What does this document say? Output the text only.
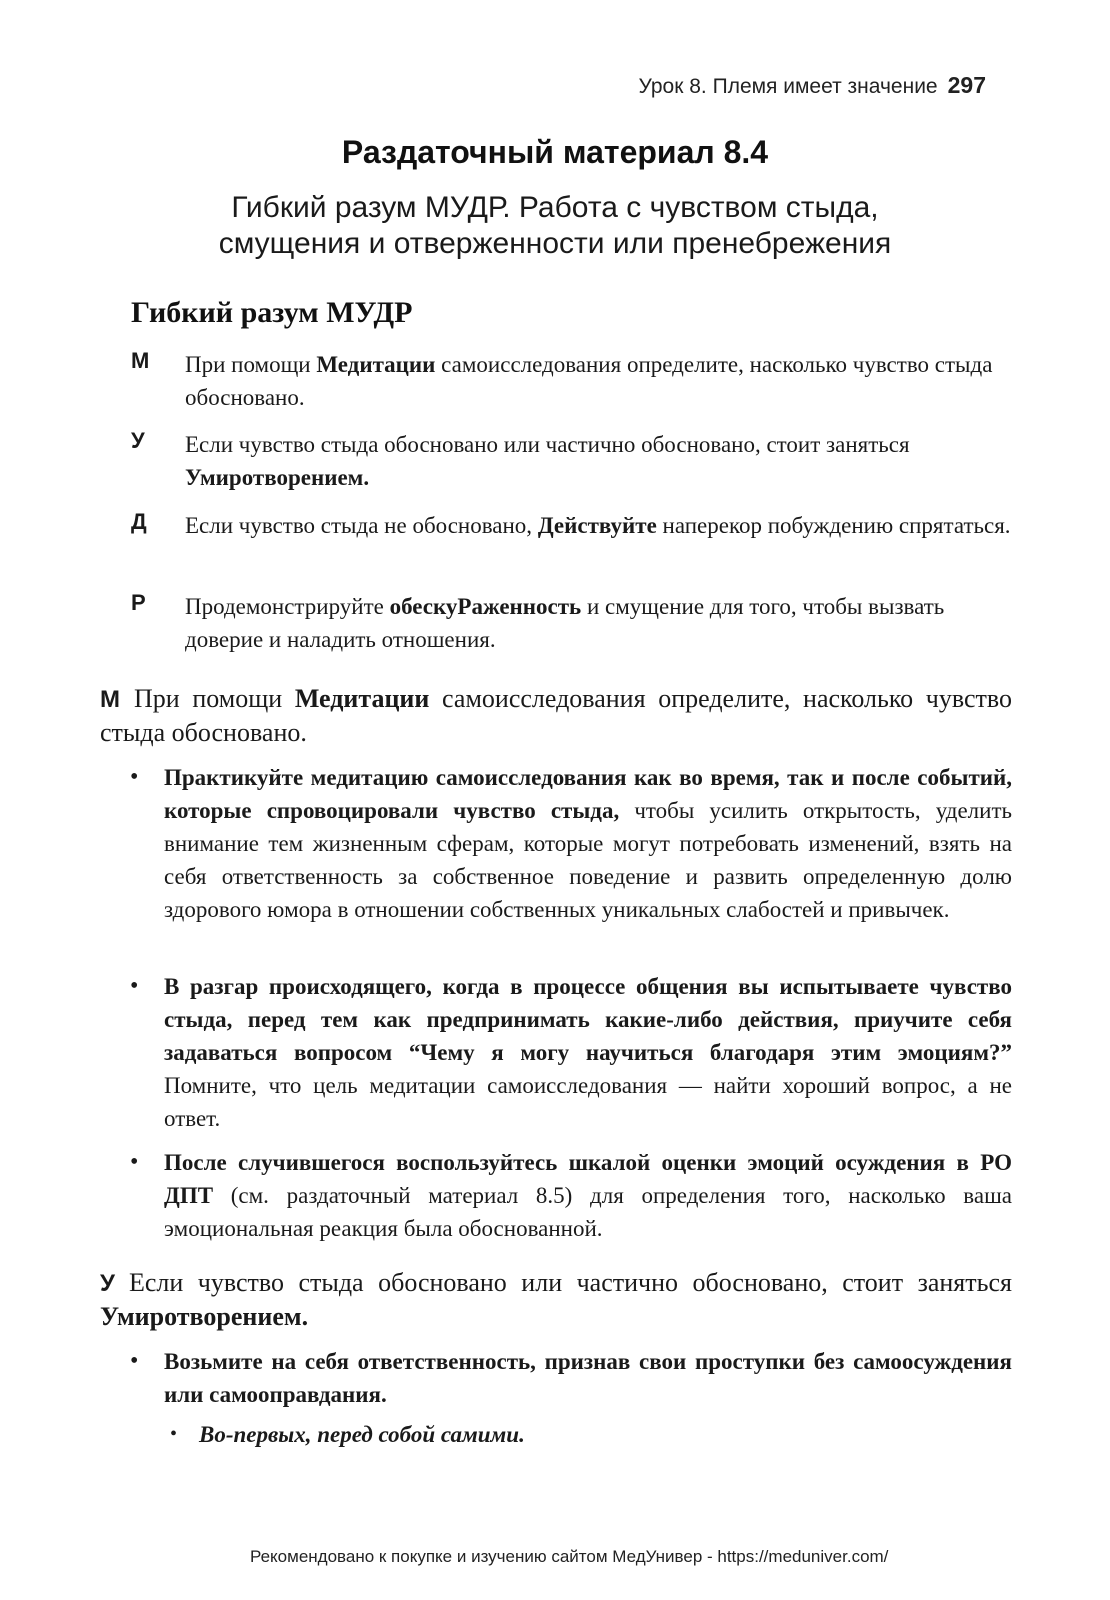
Урок 8. Племя имеет значение 297
Раздаточный материал 8.4
Гибкий разум МУДР. Работа с чувством стыда,
смущения и отверженности или пренебрежения
Гибкий разум МУДР
М При помощи Медитации самоисследования определите, насколько чувство стыда обосновано.
У Если чувство стыда обосновано или частично обосновано, стоит заняться Умиротворением.
Д Если чувство стыда не обосновано, Действуйте наперекор побуждению спрятаться.
Р Продемонстрируйте обескуРаженность и смущение для того, чтобы вызвать доверие и наладить отношения.
М При помощи Медитации самоисследования определите, насколько чувство стыда обосновано.
• Практикуйте медитацию самоисследования как во время, так и после событий, которые спровоцировали чувство стыда, чтобы усилить открытость, уделить внимание тем жизненным сферам, которые могут потребовать изменений, взять на себя ответственность за собственное поведение и развить определенную долю здорового юмора в отношении собственных уникальных слабостей и привычек.
• В разгар происходящего, когда в процессе общения вы испытываете чувство стыда, перед тем как предпринимать какие-либо действия, приучите себя задаваться вопросом “Чему я могу научиться благодаря этим эмоциям?” Помните, что цель медитации самоисследования — найти хороший вопрос, а не ответ.
• После случившегося воспользуйтесь шкалой оценки эмоций осуждения в РО ДПТ (см. раздаточный материал 8.5) для определения того, насколько ваша эмоциональная реакция была обоснованной.
У Если чувство стыда обосновано или частично обосновано, стоит заняться Умиротворением.
• Возьмите на себя ответственность, признав свои проступки без самоосуждения или самооправдания.
• Во-первых, перед собой самими.
Рекомендовано к покупке и изучению сайтом МедУнивер - https://meduniver.com/
